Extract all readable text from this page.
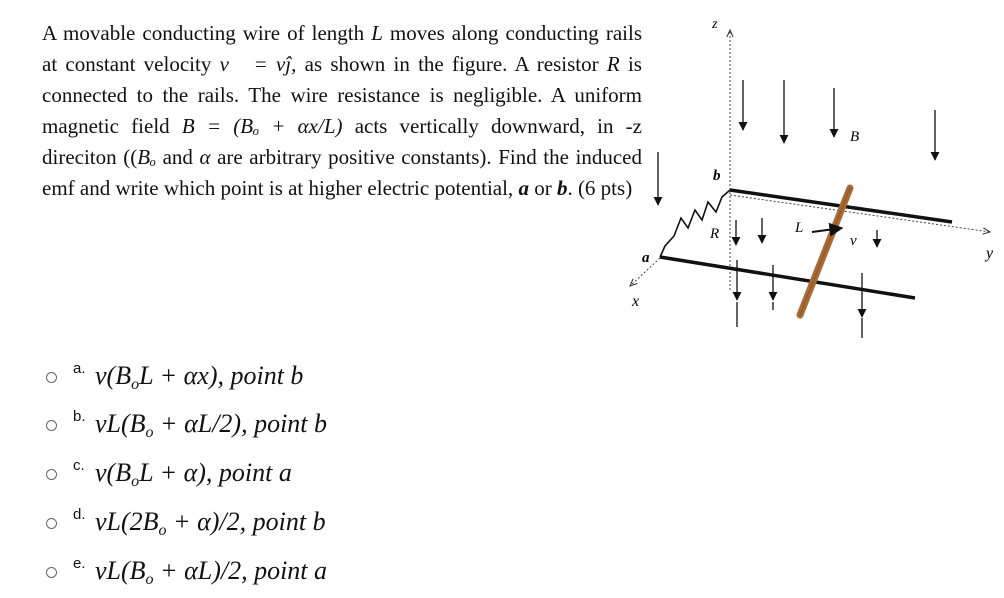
A movable conducting wire of length L moves along conducting rails at constant velocity v⃗ = vĵ, as shown in the figure. A resistor R is connected to the rails. The wire resistance is negligible. A uniform magnetic field B = (Bₒ + αx/L) acts vertically downward, in -z direciton ((Bₒ and α are arbitrary positive constants). Find the induced emf and write which point is at higher electric potential, a or b. (6 pts)
z
y
x
R
b
a
L
v⃗
B⃗
a. $v(B_oL + \alpha x)$, point b
b. $vL(B_o + \alpha L/2)$, point b
c. $v(B_oL + \alpha)$, point a
d. $vL(2B_o + \alpha)/2$, point b
e. $vL(B_o + \alpha L)/2$, point a
